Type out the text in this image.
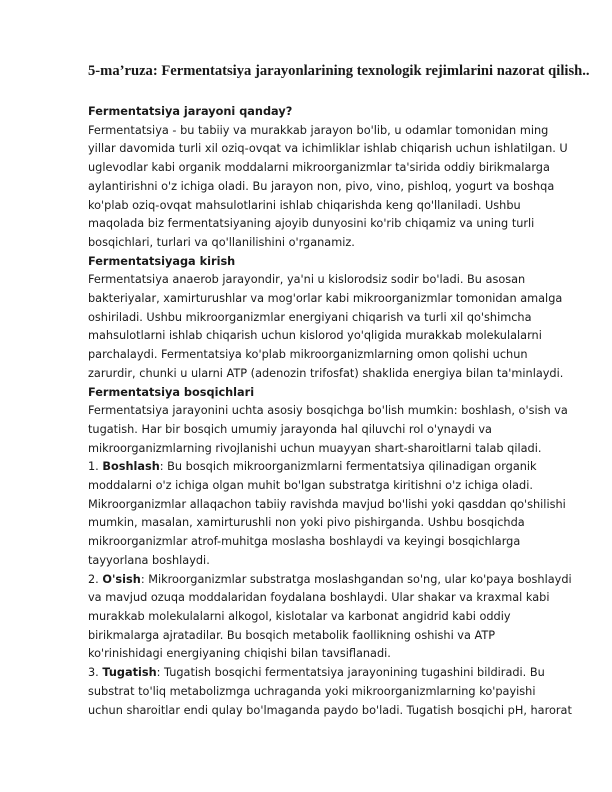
5-ma’ruza: Fermentatsiya jarayonlarining texnologik rejimlarini nazorat qilish..
Fermentatsiya jarayoni qanday?
Fermentatsiya - bu tabiiy va murakkab jarayon bo'lib, u odamlar tomonidan ming
yillar davomida turli xil oziq-ovqat va ichimliklar ishlab chiqarish uchun ishlatilgan. U
uglevodlar kabi organik moddalarni mikroorganizmlar ta'sirida oddiy birikmalarga
aylantirishni o'z ichiga oladi. Bu jarayon non, pivo, vino, pishloq, yogurt va boshqa
ko'plab oziq-ovqat mahsulotlarini ishlab chiqarishda keng qo'llaniladi. Ushbu
maqolada biz fermentatsiyaning ajoyib dunyosini ko'rib chiqamiz va uning turli
bosqichlari, turlari va qo'llanilishini o'rganamiz.
Fermentatsiyaga kirish
Fermentatsiya anaerob jarayondir, ya'ni u kislorodsiz sodir bo'ladi. Bu asosan
bakteriyalar, xamirturushlar va mog'orlar kabi mikroorganizmlar tomonidan amalga
oshiriladi. Ushbu mikroorganizmlar energiyani chiqarish va turli xil qo'shimcha
mahsulotlarni ishlab chiqarish uchun kislorod yo'qligida murakkab molekulalarni
parchalaydi. Fermentatsiya ko'plab mikroorganizmlarning omon qolishi uchun
zarurdir, chunki u ularni ATP (adenozin trifosfat) shaklida energiya bilan ta'minlaydi.
Fermentatsiya bosqichlari
Fermentatsiya jarayonini uchta asosiy bosqichga bo'lish mumkin: boshlash, o'sish va
tugatish. Har bir bosqich umumiy jarayonda hal qiluvchi rol o'ynaydi va
mikroorganizmlarning rivojlanishi uchun muayyan shart-sharoitlarni talab qiladi.
1. Boshlash: Bu bosqich mikroorganizmlarni fermentatsiya qilinadigan organik
moddalarni o'z ichiga olgan muhit bo'lgan substratga kiritishni o'z ichiga oladi.
Mikroorganizmlar allaqachon tabiiy ravishda mavjud bo'lishi yoki qasddan qo'shilishi
mumkin, masalan, xamirturushli non yoki pivo pishirganda. Ushbu bosqichda
mikroorganizmlar atrof-muhitga moslasha boshlaydi va keyingi bosqichlarga
tayyorlana boshlaydi.
2. O'sish: Mikroorganizmlar substratga moslashgandan so'ng, ular ko'paya boshlaydi
va mavjud ozuqa moddalaridan foydalana boshlaydi. Ular shakar va kraxmal kabi
murakkab molekulalarni alkogol, kislotalar va karbonat angidrid kabi oddiy
birikmalarga ajratadilar. Bu bosqich metabolik faollikning oshishi va ATP
ko'rinishidagi energiyaning chiqishi bilan tavsiflanadi.
3. Tugatish: Tugatish bosqichi fermentatsiya jarayonining tugashini bildiradi. Bu
substrat to'liq metabolizmga uchraganda yoki mikroorganizmlarning ko'payishi
uchun sharoitlar endi qulay bo'lmaganda paydo bo'ladi. Tugatish bosqichi pH, harorat
